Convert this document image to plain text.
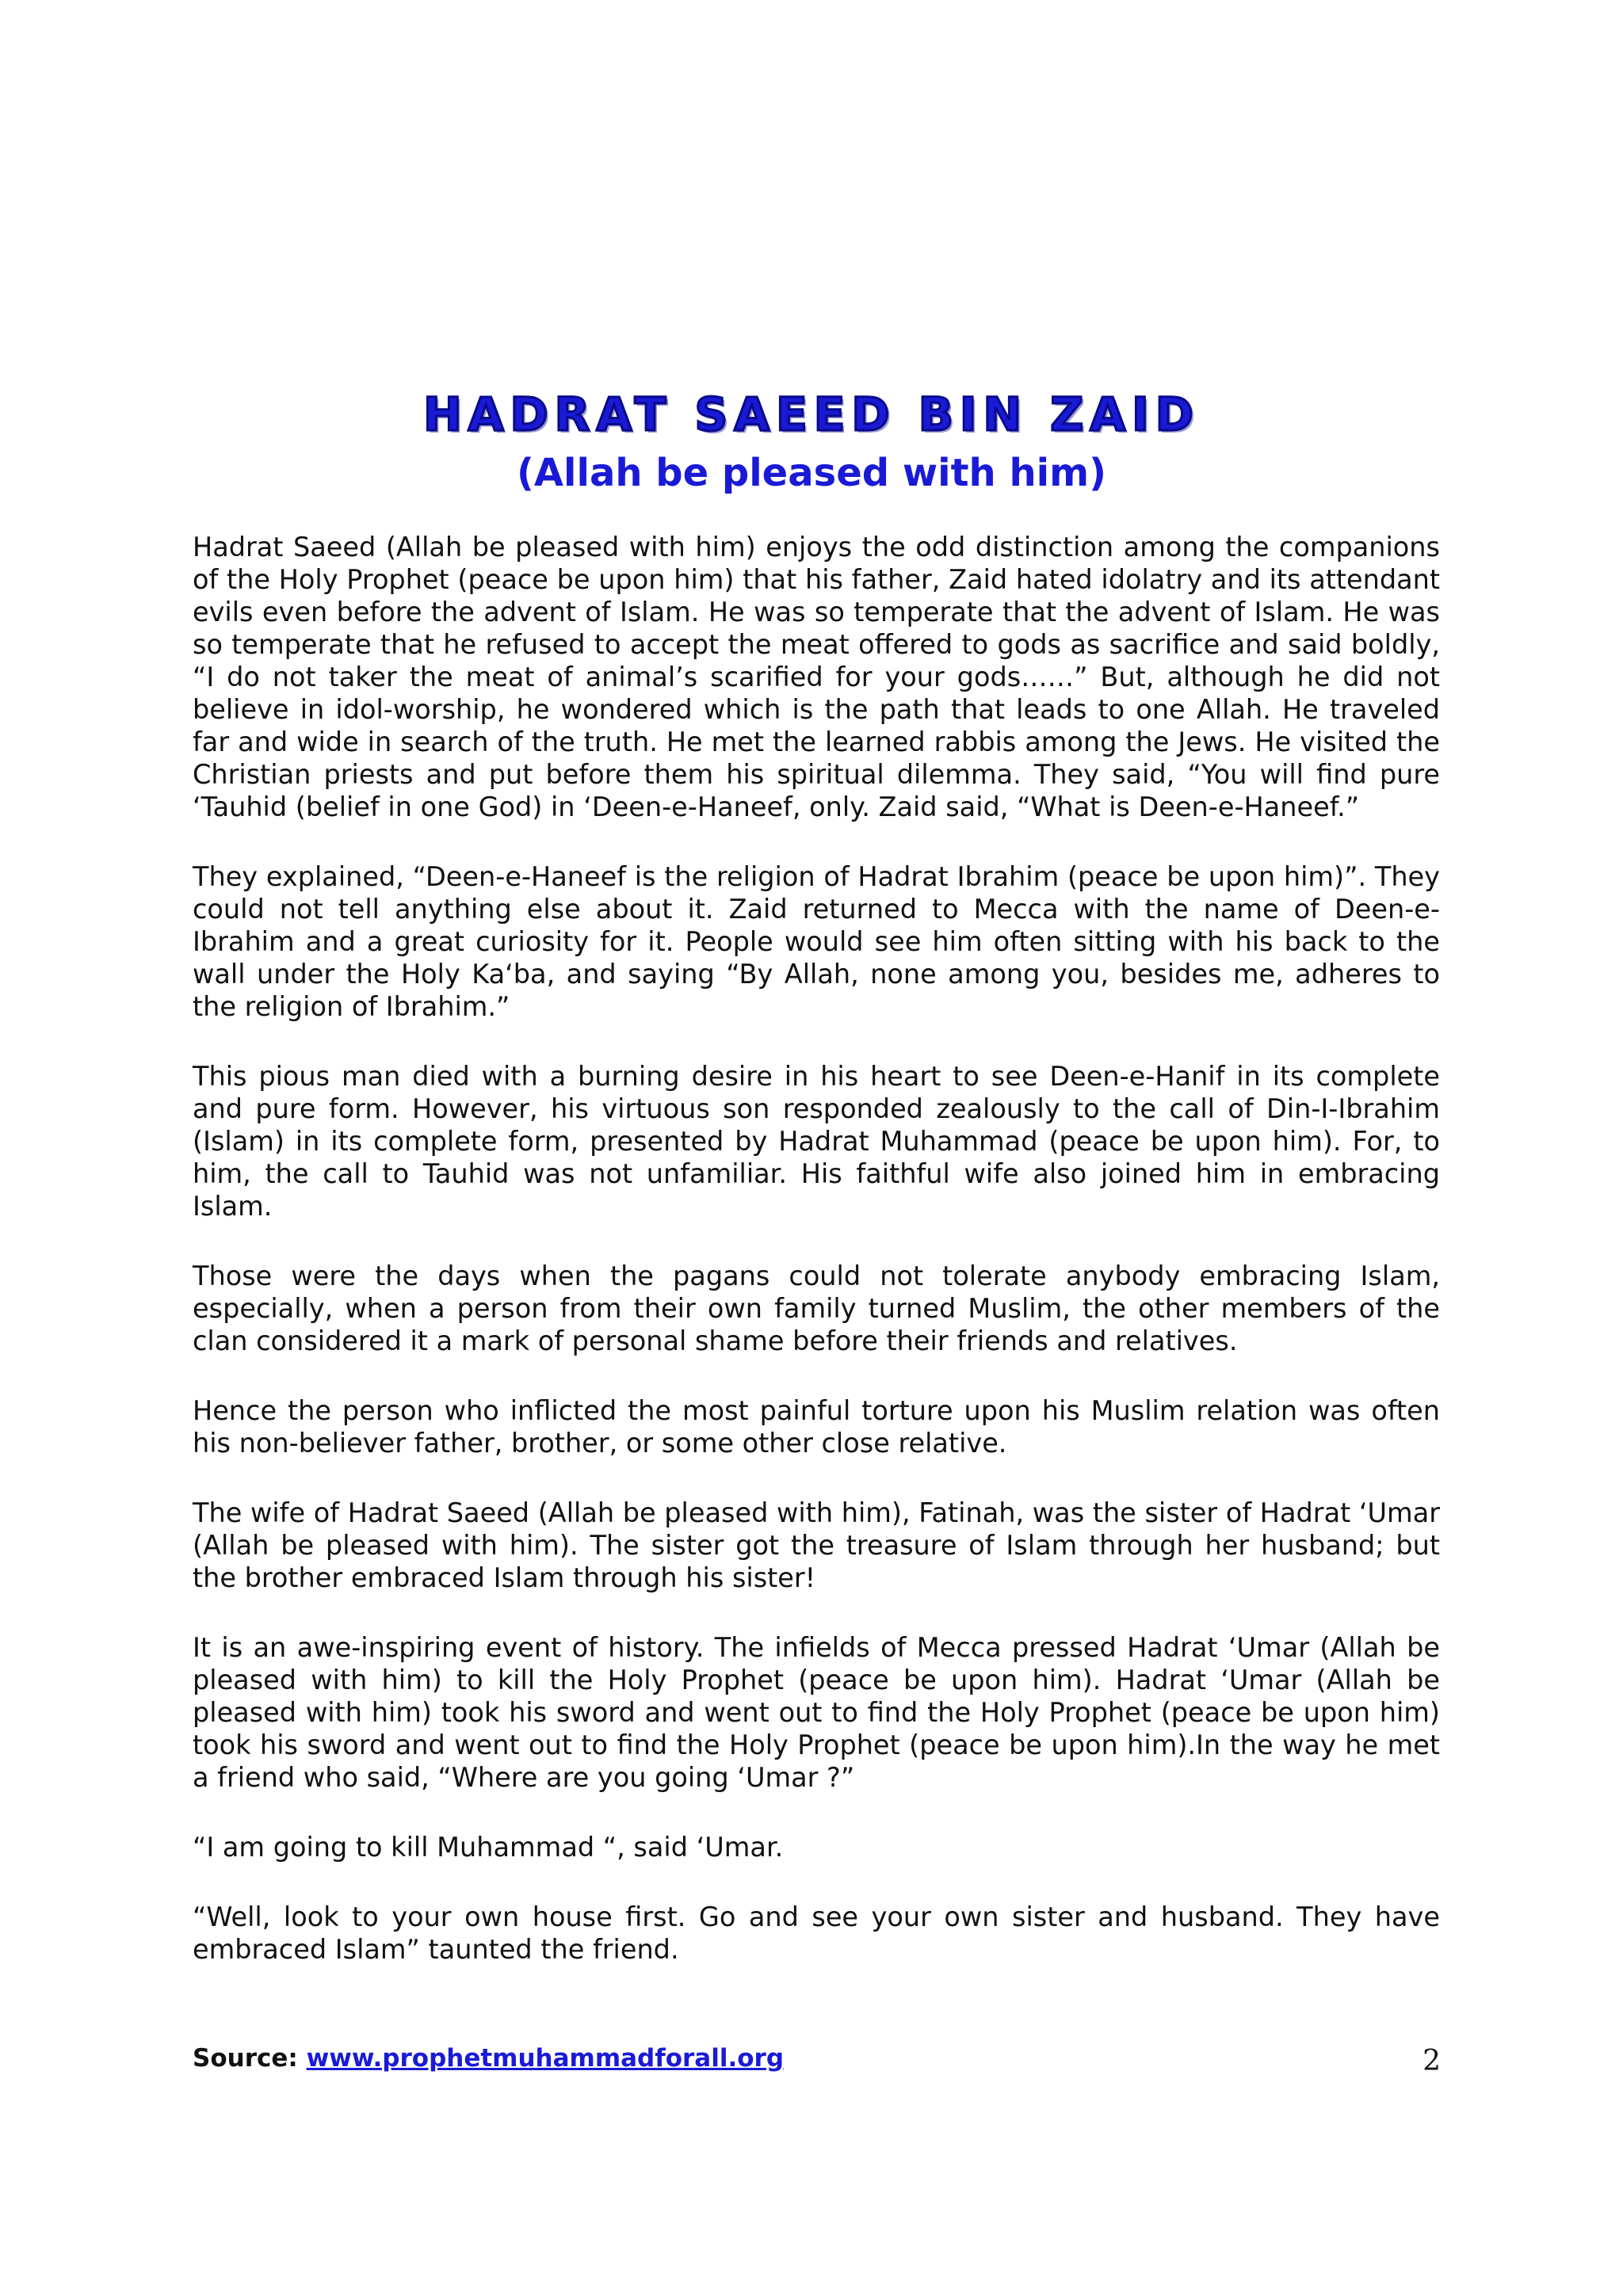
HADRAT SAEED BIN ZAID
(Allah be pleased with him)

Hadrat Saeed (Allah be pleased with him) enjoys the odd distinction among the companions of the Holy Prophet (peace be upon him) that his father, Zaid hated idolatry and its attendant evils even before the advent of Islam. He was so temperate that the advent of Islam. He was so temperate that he refused to accept the meat offered to gods as sacrifice and said boldly, “I do not taker the meat of animal’s scarified for your gods……” But, although he did not believe in idol-worship, he wondered which is the path that leads to one Allah. He traveled far and wide in search of the truth. He met the learned rabbis among the Jews. He visited the Christian priests and put before them his spiritual dilemma. They said, “You will find pure ‘Tauhid (belief in one God) in ‘Deen-e-Haneef, only. Zaid said, “What is Deen-e-Haneef.”

They explained, “Deen-e-Haneef is the religion of Hadrat Ibrahim (peace be upon him)”. They could not tell anything else about it. Zaid returned to Mecca with the name of Deen-e-Ibrahim and a great curiosity for it. People would see him often sitting with his back to the wall under the Holy Ka‘ba, and saying “By Allah, none among you, besides me, adheres to the religion of Ibrahim.”

This pious man died with a burning desire in his heart to see Deen-e-Hanif in its complete and pure form. However, his virtuous son responded zealously to the call of Din-I-Ibrahim (Islam) in its complete form, presented by Hadrat Muhammad (peace be upon him). For, to him, the call to Tauhid was not unfamiliar. His faithful wife also joined him in embracing Islam.

Those were the days when the pagans could not tolerate anybody embracing Islam, especially, when a person from their own family turned Muslim, the other members of the clan considered it a mark of personal shame before their friends and relatives.

Hence the person who inflicted the most painful torture upon his Muslim relation was often his non-believer father, brother, or some other close relative.

The wife of Hadrat Saeed (Allah be pleased with him), Fatinah, was the sister of Hadrat ‘Umar (Allah be pleased with him). The sister got the treasure of Islam through her husband; but the brother embraced Islam through his sister!

It is an awe-inspiring event of history. The infields of Mecca pressed Hadrat ‘Umar (Allah be pleased with him) to kill the Holy Prophet (peace be upon him). Hadrat ‘Umar (Allah be pleased with him) took his sword and went out to find the Holy Prophet (peace be upon him) took his sword and went out to find the Holy Prophet (peace be upon him).In the way he met a friend who said, “Where are you going ‘Umar ?”

“I am going to kill Muhammad “, said ‘Umar.

“Well, look to your own house first. Go and see your own sister and husband. They have embraced Islam” taunted the friend.

Source: www.prophetmuhammadforall.org	2
